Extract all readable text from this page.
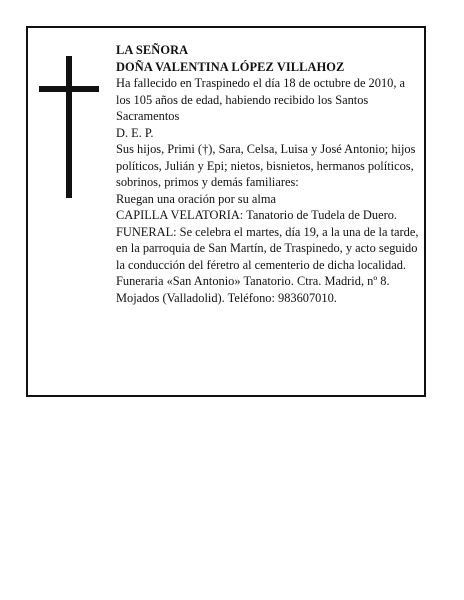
LA SEÑORA

DOÑA VALENTINA LÓPEZ VILLAHOZ

Ha fallecido en Traspinedo el día 18 de octubre de 2010, a los 105 años de edad, habiendo recibido los Santos Sacramentos

D. E. P.

Sus hijos, Primi (†), Sara, Celsa, Luisa y José Antonio; hijos políticos, Julián y Epi; nietos, bisnietos, hermanos políticos, sobrinos, primos y demás familiares:

Ruegan una oración por su alma

CAPILLA VELATORIA: Tanatorio de Tudela de Duero.

FUNERAL: Se celebra el martes, día 19, a la una de la tarde, en la parroquia de San Martín, de Traspinedo, y acto seguido la conducción del féretro al cementerio de dicha localidad.

Funeraria «San Antonio» Tanatorio. Ctra. Madrid, nº 8. Mojados (Valladolid). Teléfono: 983607010.
